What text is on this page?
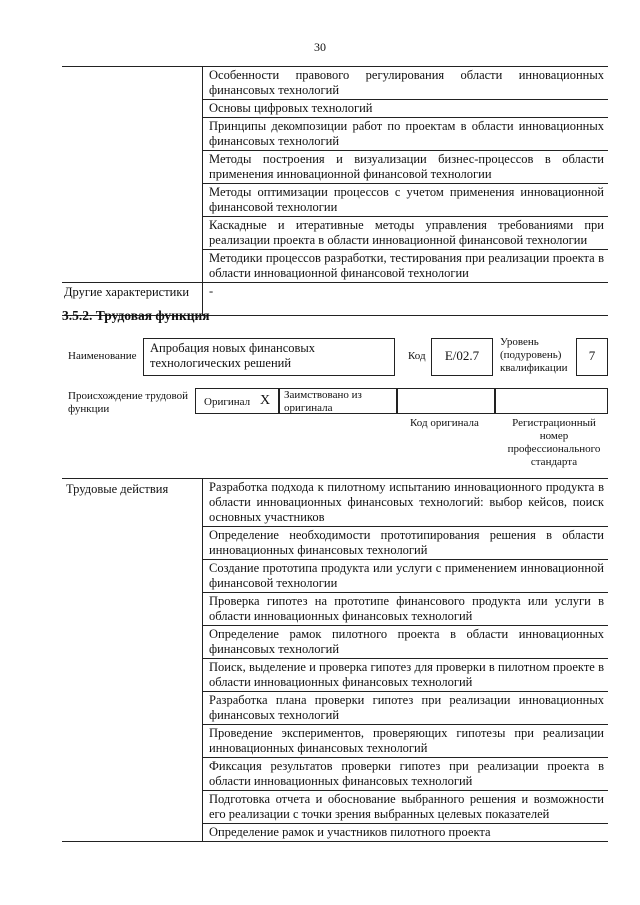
30
Особенности правового регулирования области инновационных финансовых технологий
Основы цифровых технологий
Принципы декомпозиции работ по проектам в области инновационных финансовых технологий
Методы построения и визуализации бизнес-процессов в области применения инновационной финансовой технологии
Методы оптимизации процессов с учетом применения инновационной финансовой технологии
Каскадные и итеративные методы управления требованиями при реализации проекта в области инновационной финансовой технологии
Методики процессов разработки, тестирования при реализации проекта в области инновационной финансовой технологии
Другие характеристики	-
3.5.2. Трудовая функция
Наименование
Апробация новых финансовых технологических решений	Код	E/02.7
Уровень (подуровень) квалификации
7
Происхождение трудовой функции
Оригинал X Заимствовано из оригинала
Код оригинала	Регистрационный номер профессионального стандарта
Трудовые действия	Разработка подхода к пилотному испытанию инновационного продукта в области инновационных финансовых технологий: выбор кейсов, поиск основных участников
Определение необходимости прототипирования решения в области инновационных финансовых технологий
Создание прототипа продукта или услуги с применением инновационной финансовой технологии
Проверка гипотез на прототипе финансового продукта или услуги в области инновационных финансовых технологий
Определение рамок пилотного проекта в области инновационных финансовых технологий
Поиск, выделение и проверка гипотез для проверки в пилотном проекте в области инновационных финансовых технологий
Разработка плана проверки гипотез при реализации инновационных финансовых технологий
Проведение экспериментов, проверяющих гипотезы при реализации инновационных финансовых технологий
Фиксация результатов проверки гипотез при реализации проекта в области инновационных финансовых технологий
Подготовка отчета и обоснование выбранного решения и возможности его реализации с точки зрения выбранных целевых показателей
Определение рамок и участников пилотного проекта
